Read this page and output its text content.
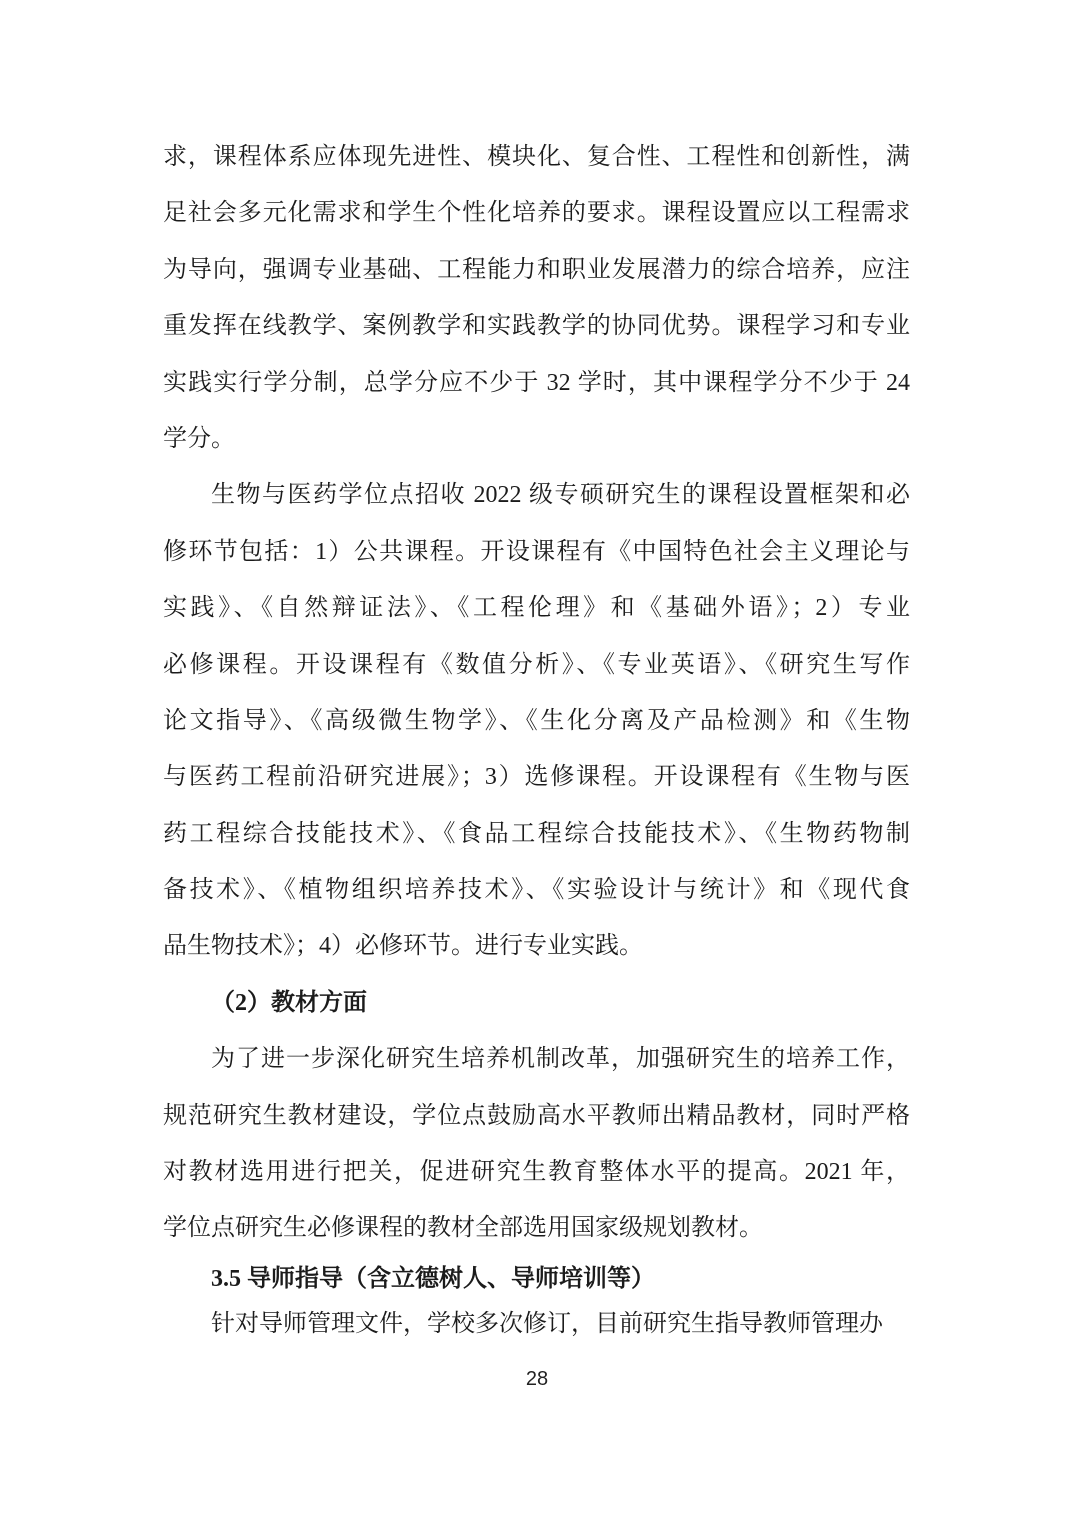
求，课程体系应体现先进性、模块化、复合性、工程性和创新性，满
足社会多元化需求和学生个性化培养的要求。课程设置应以工程需求
为导向，强调专业基础、工程能力和职业发展潜力的综合培养，应注
重发挥在线教学、案例教学和实践教学的协同优势。课程学习和专业
实践实行学分制，总学分应不少于 32 学时，其中课程学分不少于 24
学分。
生物与医药学位点招收 2022 级专硕研究生的课程设置框架和必
修环节包括：1）公共课程。开设课程有《中国特色社会主义理论与
实践》、《自然辩证法》、《工程伦理》和《基础外语》；2）专业
必修课程。开设课程有《数值分析》、《专业英语》、《研究生写作
论文指导》、《高级微生物学》、《生化分离及产品检测》和《生物
与医药工程前沿研究进展》；3）选修课程。开设课程有《生物与医
药工程综合技能技术》、《食品工程综合技能技术》、《生物药物制
备技术》、《植物组织培养技术》、《实验设计与统计》和《现代食
品生物技术》；4）必修环节。进行专业实践。
（2）教材方面
为了进一步深化研究生培养机制改革，加强研究生的培养工作，
规范研究生教材建设，学位点鼓励高水平教师出精品教材，同时严格
对教材选用进行把关，促进研究生教育整体水平的提高。2021 年，
学位点研究生必修课程的教材全部选用国家级规划教材。
3.5 导师指导（含立德树人、导师培训等）
针对导师管理文件，学校多次修订，目前研究生指导教师管理办
28
